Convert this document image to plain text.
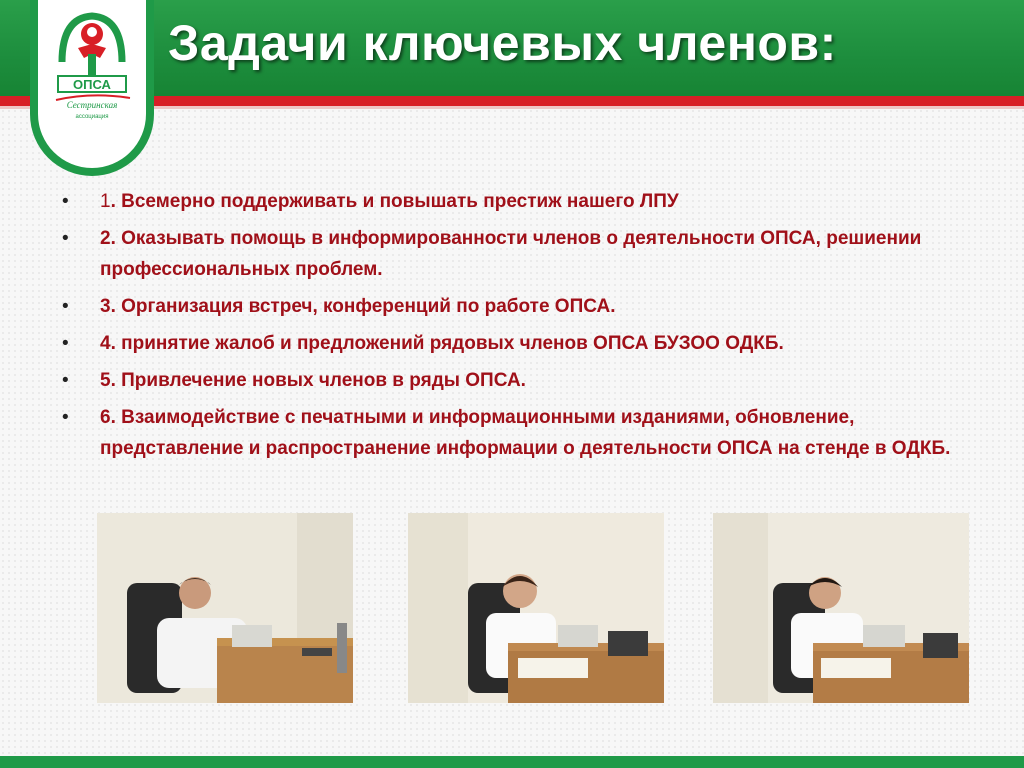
ОПСА
Сестринская
ассоциация
Задачи ключевых членов:
• 1. Всемерно поддерживать и повышать престиж нашего ЛПУ
• 2. Оказывать помощь в информированности членов о деятельности ОПСА, решиении профессиональных проблем.
• 3. Организация встреч, конференций по работе ОПСА.
• 4. принятие жалоб и предложений рядовых членов ОПСА БУЗОО ОДКБ.
• 5. Привлечение новых членов в ряды ОПСА.
• 6. Взаимодействие с печатными и информационными изданиями, обновление, представление и распространение информации о деятельности ОПСА на стенде в ОДКБ.
